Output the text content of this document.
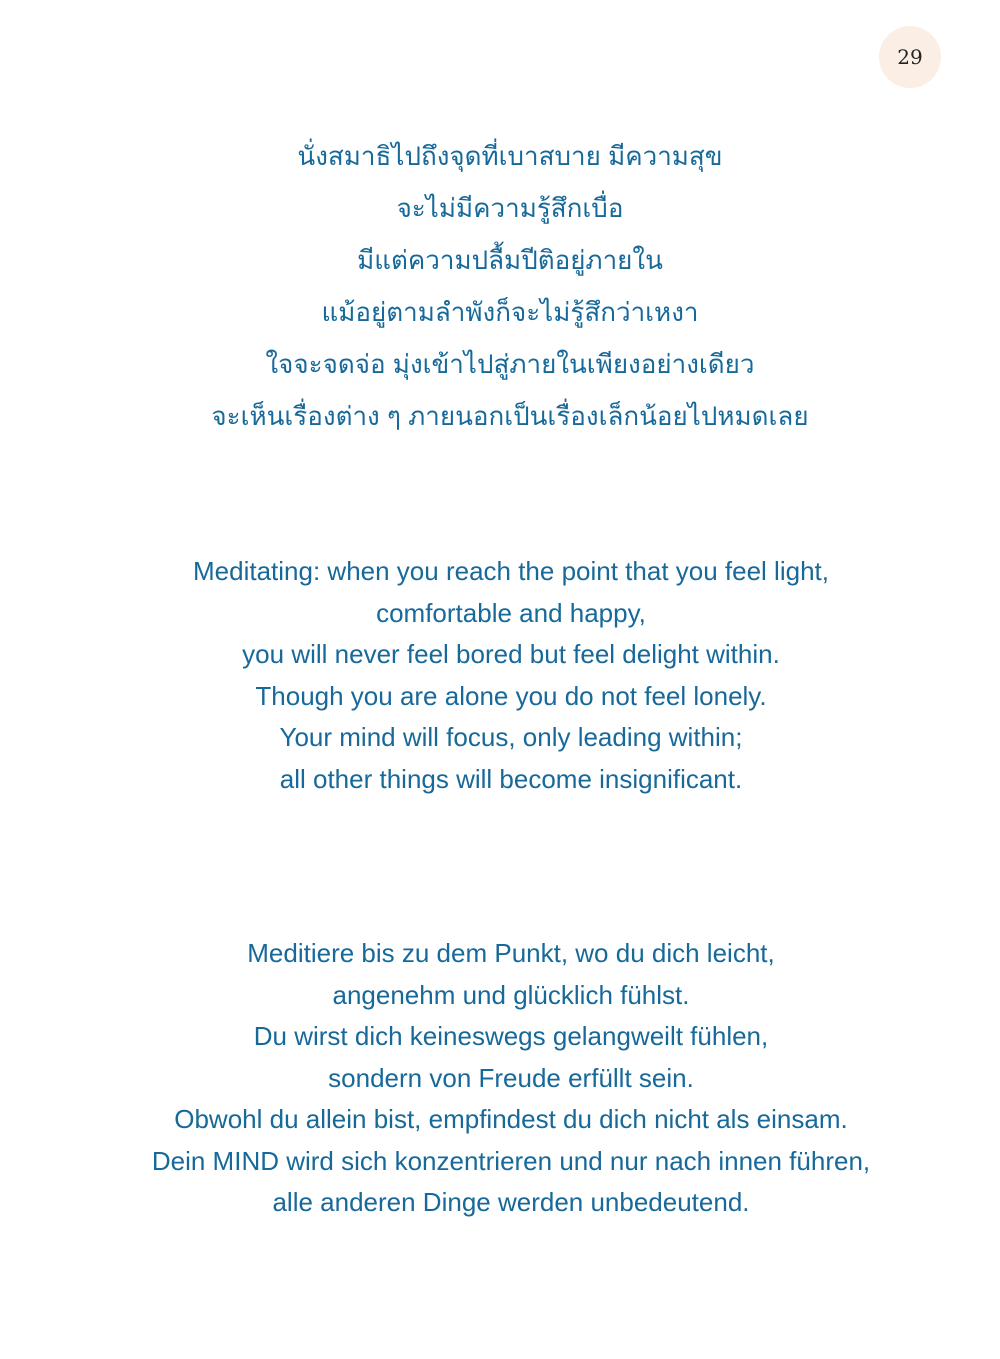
29
นั่งสมาธิไปถึงจุดที่เบาสบาย มีความสุข
จะไม่มีความรู้สึกเบื่อ
มีแต่ความปลื้มปีติอยู่ภายใน
แม้อยู่ตามลำพังก็จะไม่รู้สึกว่าเหงา
ใจจะจดจ่อ มุ่งเข้าไปสู่ภายในเพียงอย่างเดียว
จะเห็นเรื่องต่าง ๆ ภายนอกเป็นเรื่องเล็กน้อยไปหมดเลย
Meditating: when you reach the point that you feel light,
comfortable and happy,
you will never feel bored but feel delight within.
Though you are alone you do not feel lonely.
Your mind will focus, only leading within;
all other things will become insignificant.
Meditiere bis zu dem Punkt, wo du dich leicht,
angenehm und glücklich fühlst.
Du wirst dich keineswegs gelangweilt fühlen,
sondern von Freude erfüllt sein.
Obwohl du allein bist, empfindest du dich nicht als einsam.
Dein MIND wird sich konzentrieren und nur nach innen führen,
alle anderen Dinge werden unbedeutend.
